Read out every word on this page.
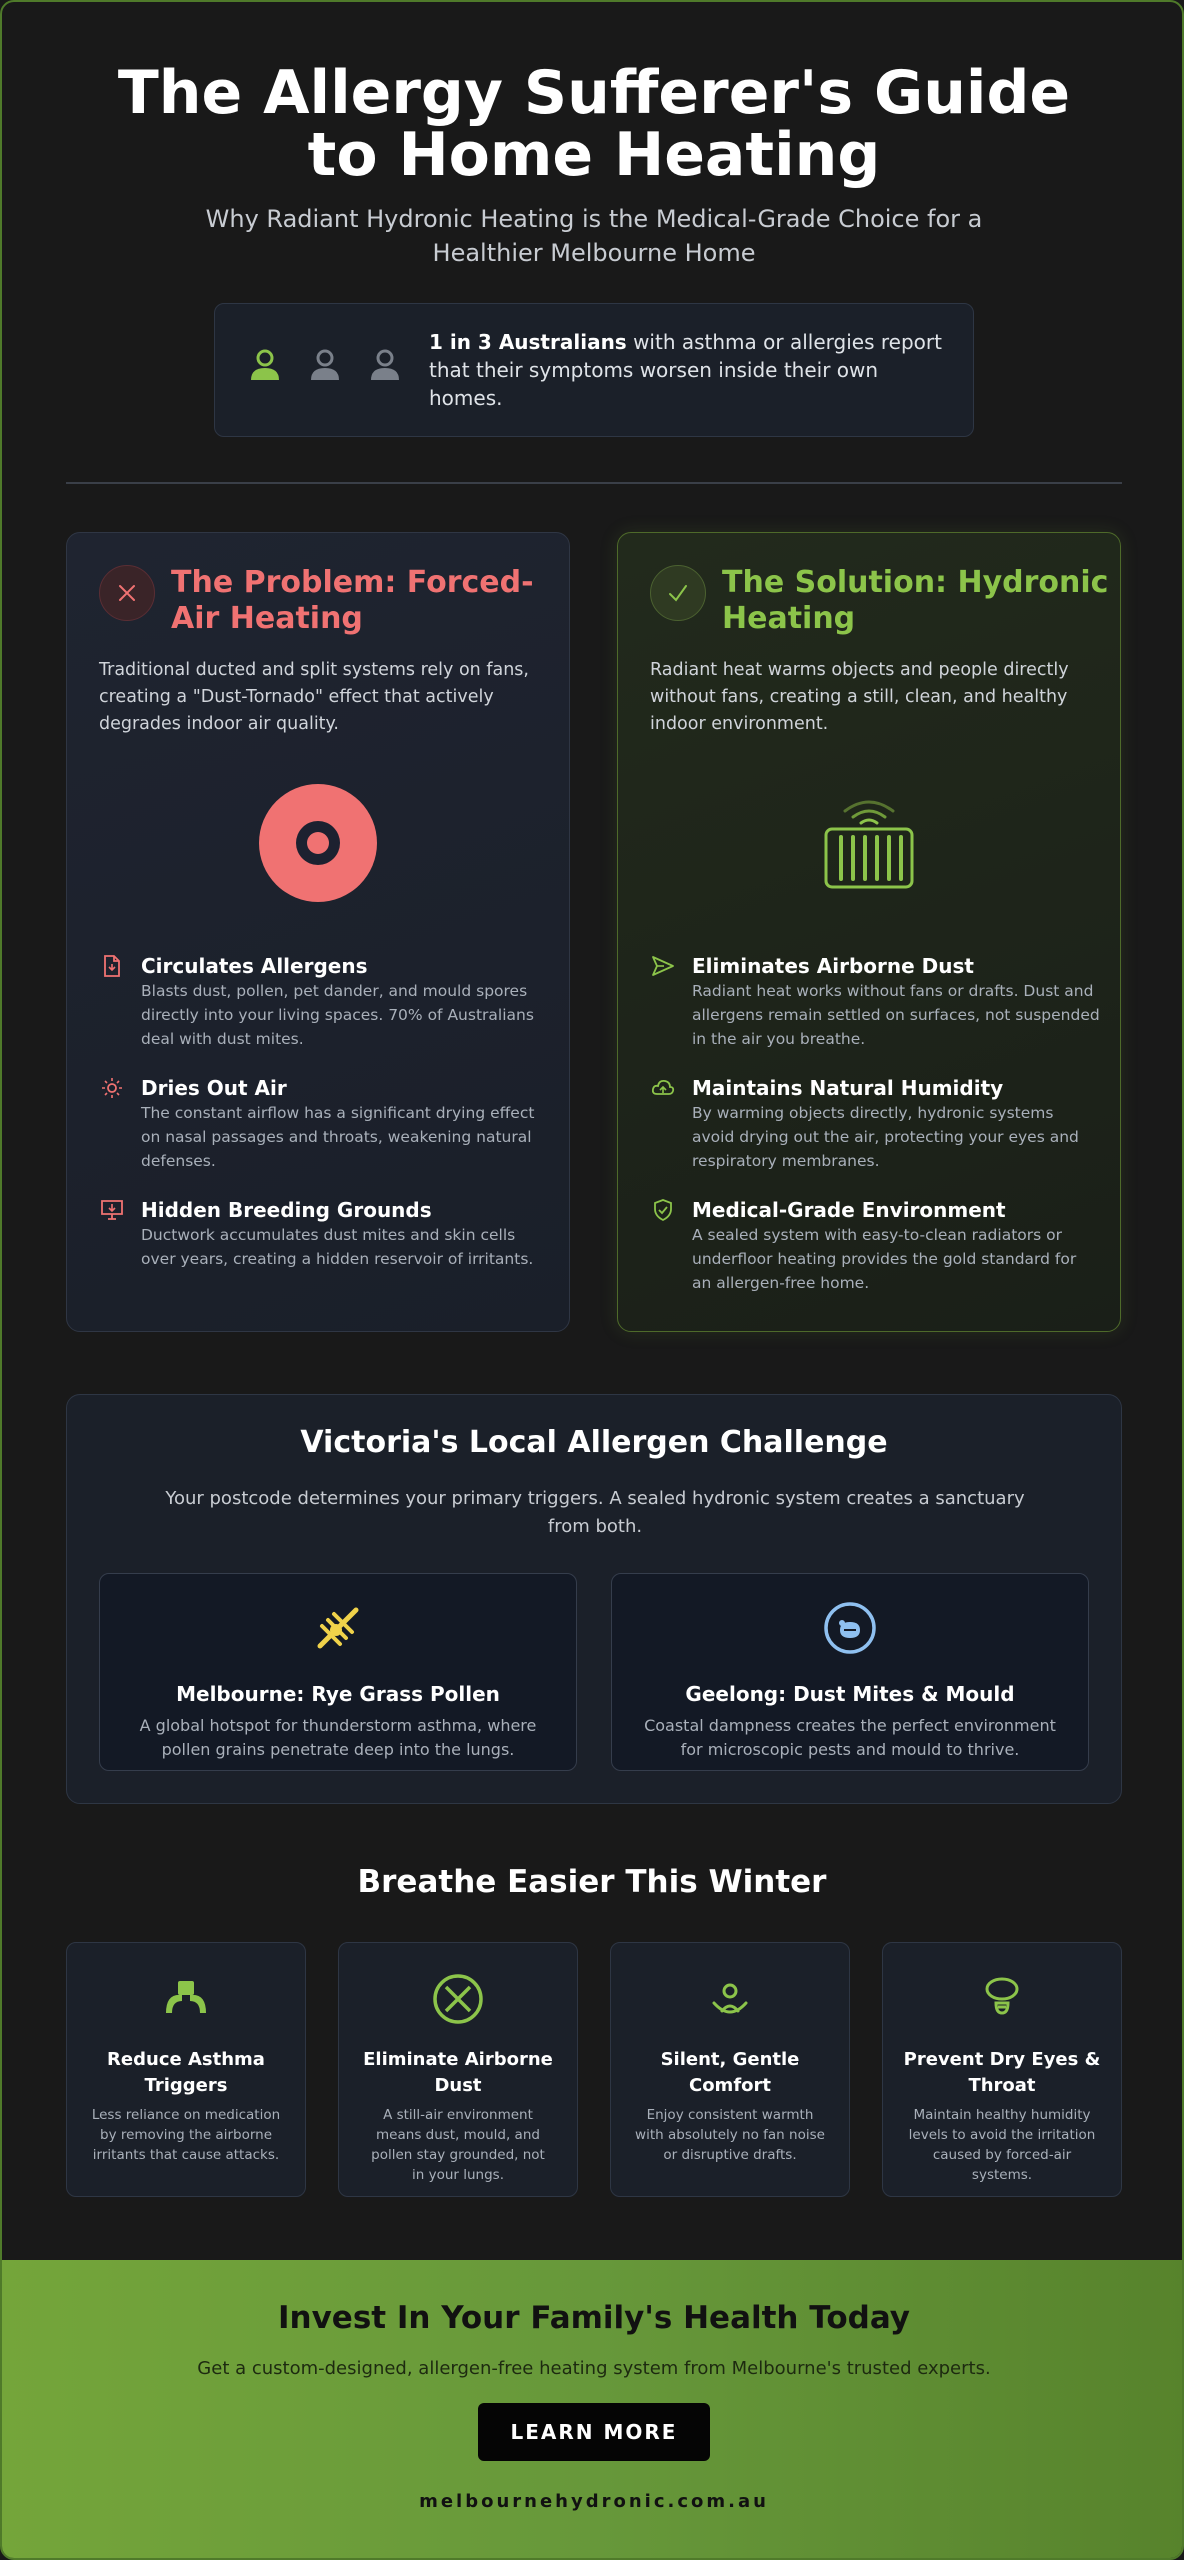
The Allergy Sufferer's Guide to Home Heating

Why Radiant Hydronic Heating is the Medical-Grade Choice for a Healthier Melbourne Home

1 in 3 Australians with asthma or allergies report that their symptoms worsen inside their own homes.

The Problem: Forced-Air Heating

Traditional ducted and split systems rely on fans, creating a "Dust-Tornado" effect that actively degrades indoor air quality.

Circulates Allergens
Blasts dust, pollen, pet dander, and mould spores directly into your living spaces. 70% of Australians deal with dust mites.
Dries Out Air
The constant airflow has a significant drying effect on nasal passages and throats, weakening natural defenses.
Hidden Breeding Grounds
Ductwork accumulates dust mites and skin cells over years, creating a hidden reservoir of irritants.
The Solution: Hydronic Heating

Radiant heat warms objects and people directly without fans, creating a still, clean, and healthy indoor environment.

Eliminates Airborne Dust
Radiant heat works without fans or drafts. Dust and allergens remain settled on surfaces, not suspended in the air you breathe.
Maintains Natural Humidity
By warming objects directly, hydronic systems avoid drying out the air, protecting your eyes and respiratory membranes.
Medical-Grade Environment
A sealed system with easy-to-clean radiators or underfloor heating provides the gold standard for an allergen-free home.
Victoria's Local Allergen Challenge

Your postcode determines your primary triggers. A sealed hydronic system creates a sanctuary from both.

Melbourne: Rye Grass Pollen
A global hotspot for thunderstorm asthma, where pollen grains penetrate deep into the lungs.
Geelong: Dust Mites & Mould
Coastal dampness creates the perfect environment for microscopic pests and mould to thrive.
Breathe Easier This Winter
Reduce Asthma Triggers
Less reliance on medication by removing the airborne irritants that cause attacks.
Eliminate Airborne Dust
A still-air environment means dust, mould, and pollen stay grounded, not in your lungs.
Silent, Gentle Comfort
Enjoy consistent warmth with absolutely no fan noise or disruptive drafts.
Prevent Dry Eyes & Throat
Maintain healthy humidity levels to avoid the irritation caused by forced-air systems.
Invest In Your Family's Health Today

Get a custom-designed, allergen-free heating system from Melbourne's trusted experts.

LEARN MORE
melbournehydronic.com.au
